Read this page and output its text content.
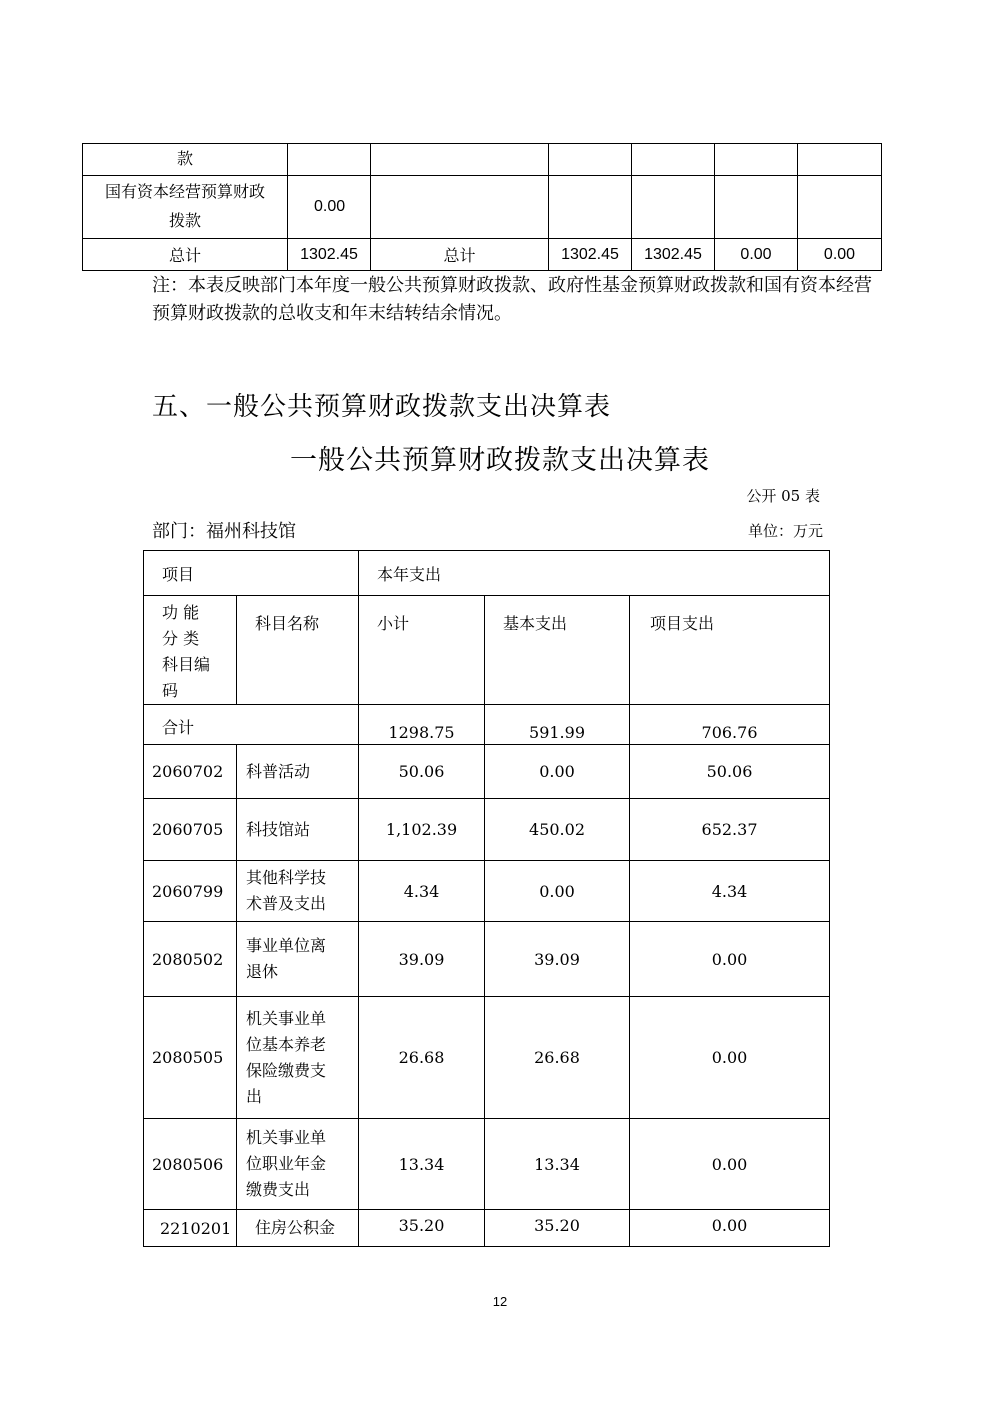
款						

国有资本经营预算财政
拨款	0.00					
总计	1302.45	总计	1302.45	1302.45	0.00	0.00
注：本表反映部门本年度一般公共预算财政拨款、政府性基金预算财政拨款和国有资本经营预算财政拨款的总收支和年末结转结余情况。
五、一般公共预算财政拨款支出决算表
一般公共预算财政拨款支出决算表
公开 05 表
部门：福州科技馆	单位：万元
项目		本年支出		

功 能
分 类
科目编
码	科目名称	小计	基本支出	项目支出
合计		1298.75	591.99	706.76
2060702	科普活动	50.06	0.00	50.06
2060705	科技馆站	1,102.39	450.02	652.37
2060799	其他科学技
术普及支出	4.34	0.00	4.34
2080502	事业单位离
退休	39.09	39.09	0.00
2080505	机关事业单
位基本养老
保险缴费支
出	26.68	26.68	0.00
2080506	机关事业单
位职业年金
缴费支出	13.34	13.34	0.00
2210201	住房公积金	35.20	35.20	0.00
12
